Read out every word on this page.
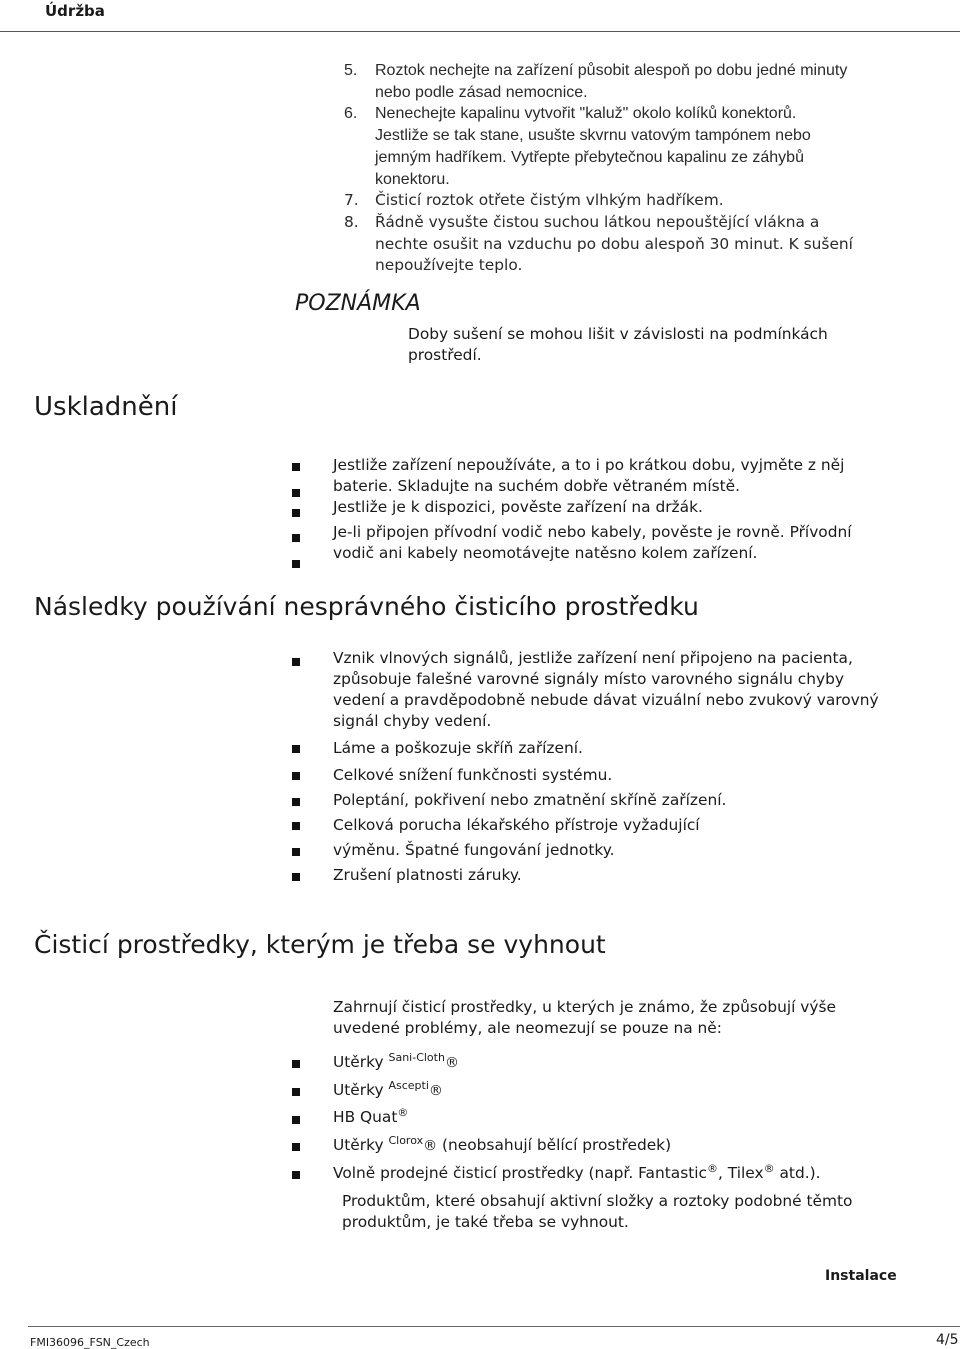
Údržba
5. Roztok nechejte na zařízení působit alespoň po dobu jedné minuty
nebo podle zásad nemocnice.
6. Nenechejte kapalinu vytvořit "kaluž" okolo kolíků konektorů.
Jestliže se tak stane, usušte skvrnu vatovým tampónem nebo
jemným hadříkem. Vytřepte přebytečnou kapalinu ze záhybů
konektoru.
7. Čisticí roztok otřete čistým vlhkým hadříkem.
8. Řádně vysušte čistou suchou látkou nepouštějící vlákna a
nechte osušit na vzduchu po dobu alespoň 30 minut. K sušení
nepoužívejte teplo.
POZNÁMKA
Doby sušení se mohou lišit v závislosti na podmínkách prostředí.
Uskladnění
Jestliže zařízení nepoužíváte, a to i po krátkou dobu, vyjměte z něj
baterie. Skladujte na suchém dobře větraném místě.
Jestliže je k dispozici, pověste zařízení na držák.
Je-li připojen přívodní vodič nebo kabely, pověste je rovně. Přívodní
vodič ani kabely neomotávejte natěsno kolem zařízení.
Následky používání nesprávného čisticího prostředku
Vznik vlnových signálů, jestliže zařízení není připojeno na pacienta,
způsobuje falešné varovné signály místo varovného signálu chyby
vedení a pravděpodobně nebude dávat vizuální nebo zvukový varovný
signál chyby vedení.
Láme a poškozuje skříň zařízení.
Celkové snížení funkčnosti systému.
Poleptání, pokřivení nebo zmatnění skříně zařízení.
Celková porucha lékařského přístroje vyžadující
výměnu. Špatné fungování jednotky.
Zrušení platnosti záruky.
Čisticí prostředky, kterým je třeba se vyhnout
Zahrnují čisticí prostředky, u kterých je známo, že způsobují výše
uvedené problémy, ale neomezují se pouze na ně:
Utěrky $^{Sani-Cloth}$®
Utěrky $^{Ascepti}$®
HB Quat®
Utěrky $^{Clorox}$® (neobsahují bělící prostředek)
Volně prodejné čisticí prostředky (např. Fantastic®, Tilex® atd.).
Produktům, které obsahují aktivní složky a roztoky podobné těmto
produktům, je také třeba se vyhnout.
Instalace
FMI36096_FSN_Czech	4/5
